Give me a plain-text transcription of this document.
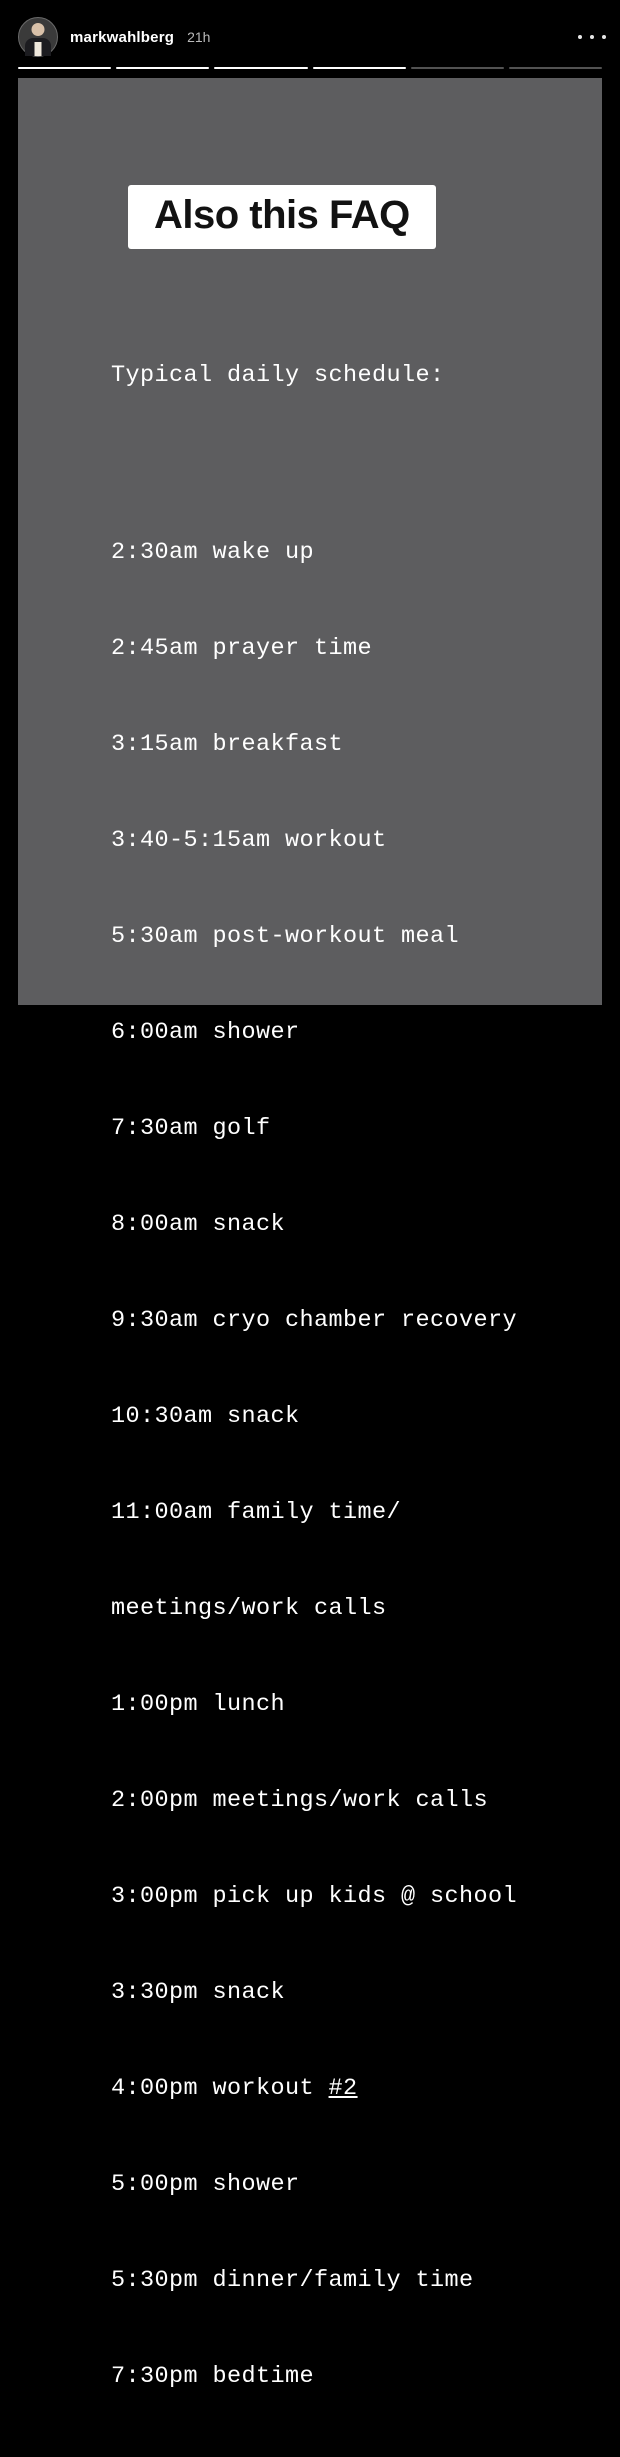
markwahlberg 21h
Also this FAQ

Typical daily schedule:

2:30am wake up

2:45am prayer time

3:15am breakfast

3:40-5:15am workout

5:30am post-workout meal

6:00am shower

7:30am golf

8:00am snack

9:30am cryo chamber recovery

10:30am snack

11:00am family time/

meetings/work calls

1:00pm lunch

2:00pm meetings/work calls

3:00pm pick up kids @ school

3:30pm snack

4:00pm workout #2

5:00pm shower

5:30pm dinner/family time

7:30pm bedtime
